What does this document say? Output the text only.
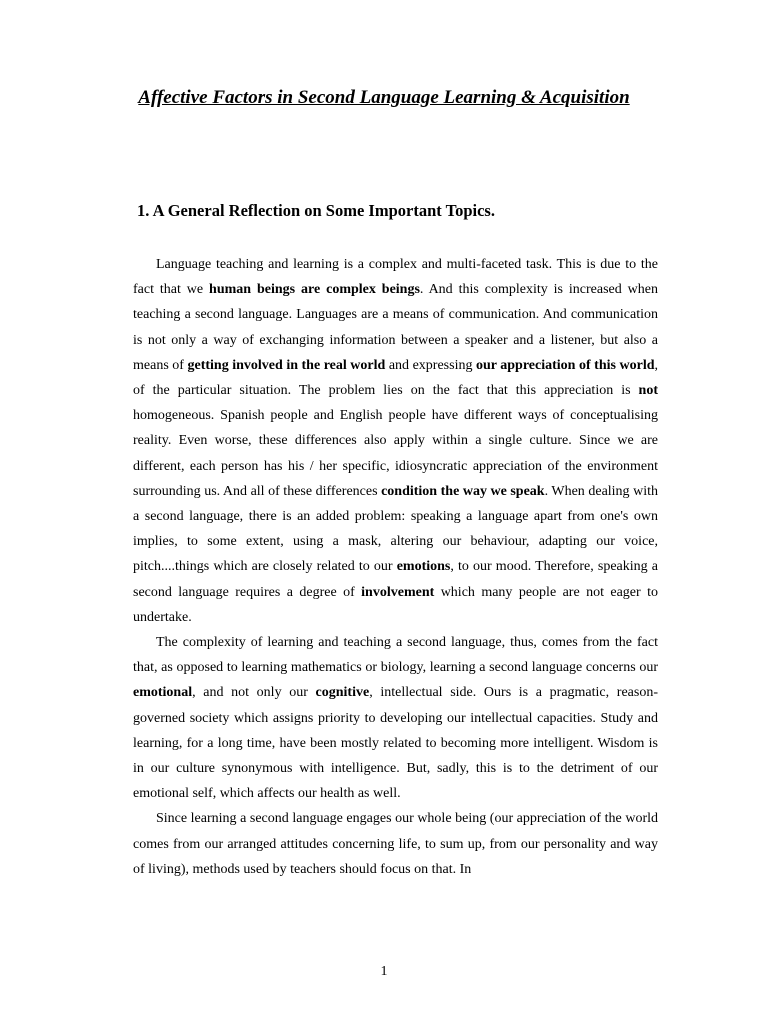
Affective Factors in Second Language Learning & Acquisition
1. A General Reflection on Some Important Topics.

Language teaching and learning is a complex and multi-faceted task. This is due to the fact that we human beings are complex beings. And this complexity is increased when teaching a second language. Languages are a means of communication. And communication is not only a way of exchanging information between a speaker and a listener, but also a means of getting involved in the real world and expressing our appreciation of this world, of the particular situation. The problem lies on the fact that this appreciation is not homogeneous. Spanish people and English people have different ways of conceptualising reality. Even worse, these differences also apply within a single culture. Since we are different, each person has his / her specific, idiosyncratic appreciation of the environment surrounding us. And all of these differences condition the way we speak. When dealing with a second language, there is an added problem: speaking a language apart from one's own implies, to some extent, using a mask, altering our behaviour, adapting our voice, pitch....things which are closely related to our emotions, to our mood. Therefore, speaking a second language requires a degree of involvement which many people are not eager to undertake.

The complexity of learning and teaching a second language, thus, comes from the fact that, as opposed to learning mathematics or biology, learning a second language concerns our emotional, and not only our cognitive, intellectual side. Ours is a pragmatic, reason-governed society which assigns priority to developing our intellectual capacities. Study and learning, for a long time, have been mostly related to becoming more intelligent. Wisdom is in our culture synonymous with intelligence. But, sadly, this is to the detriment of our emotional self, which affects our health as well.

Since learning a second language engages our whole being (our appreciation of the world comes from our arranged attitudes concerning life, to sum up, from our personality and way of living), methods used by teachers should focus on that. In

1
